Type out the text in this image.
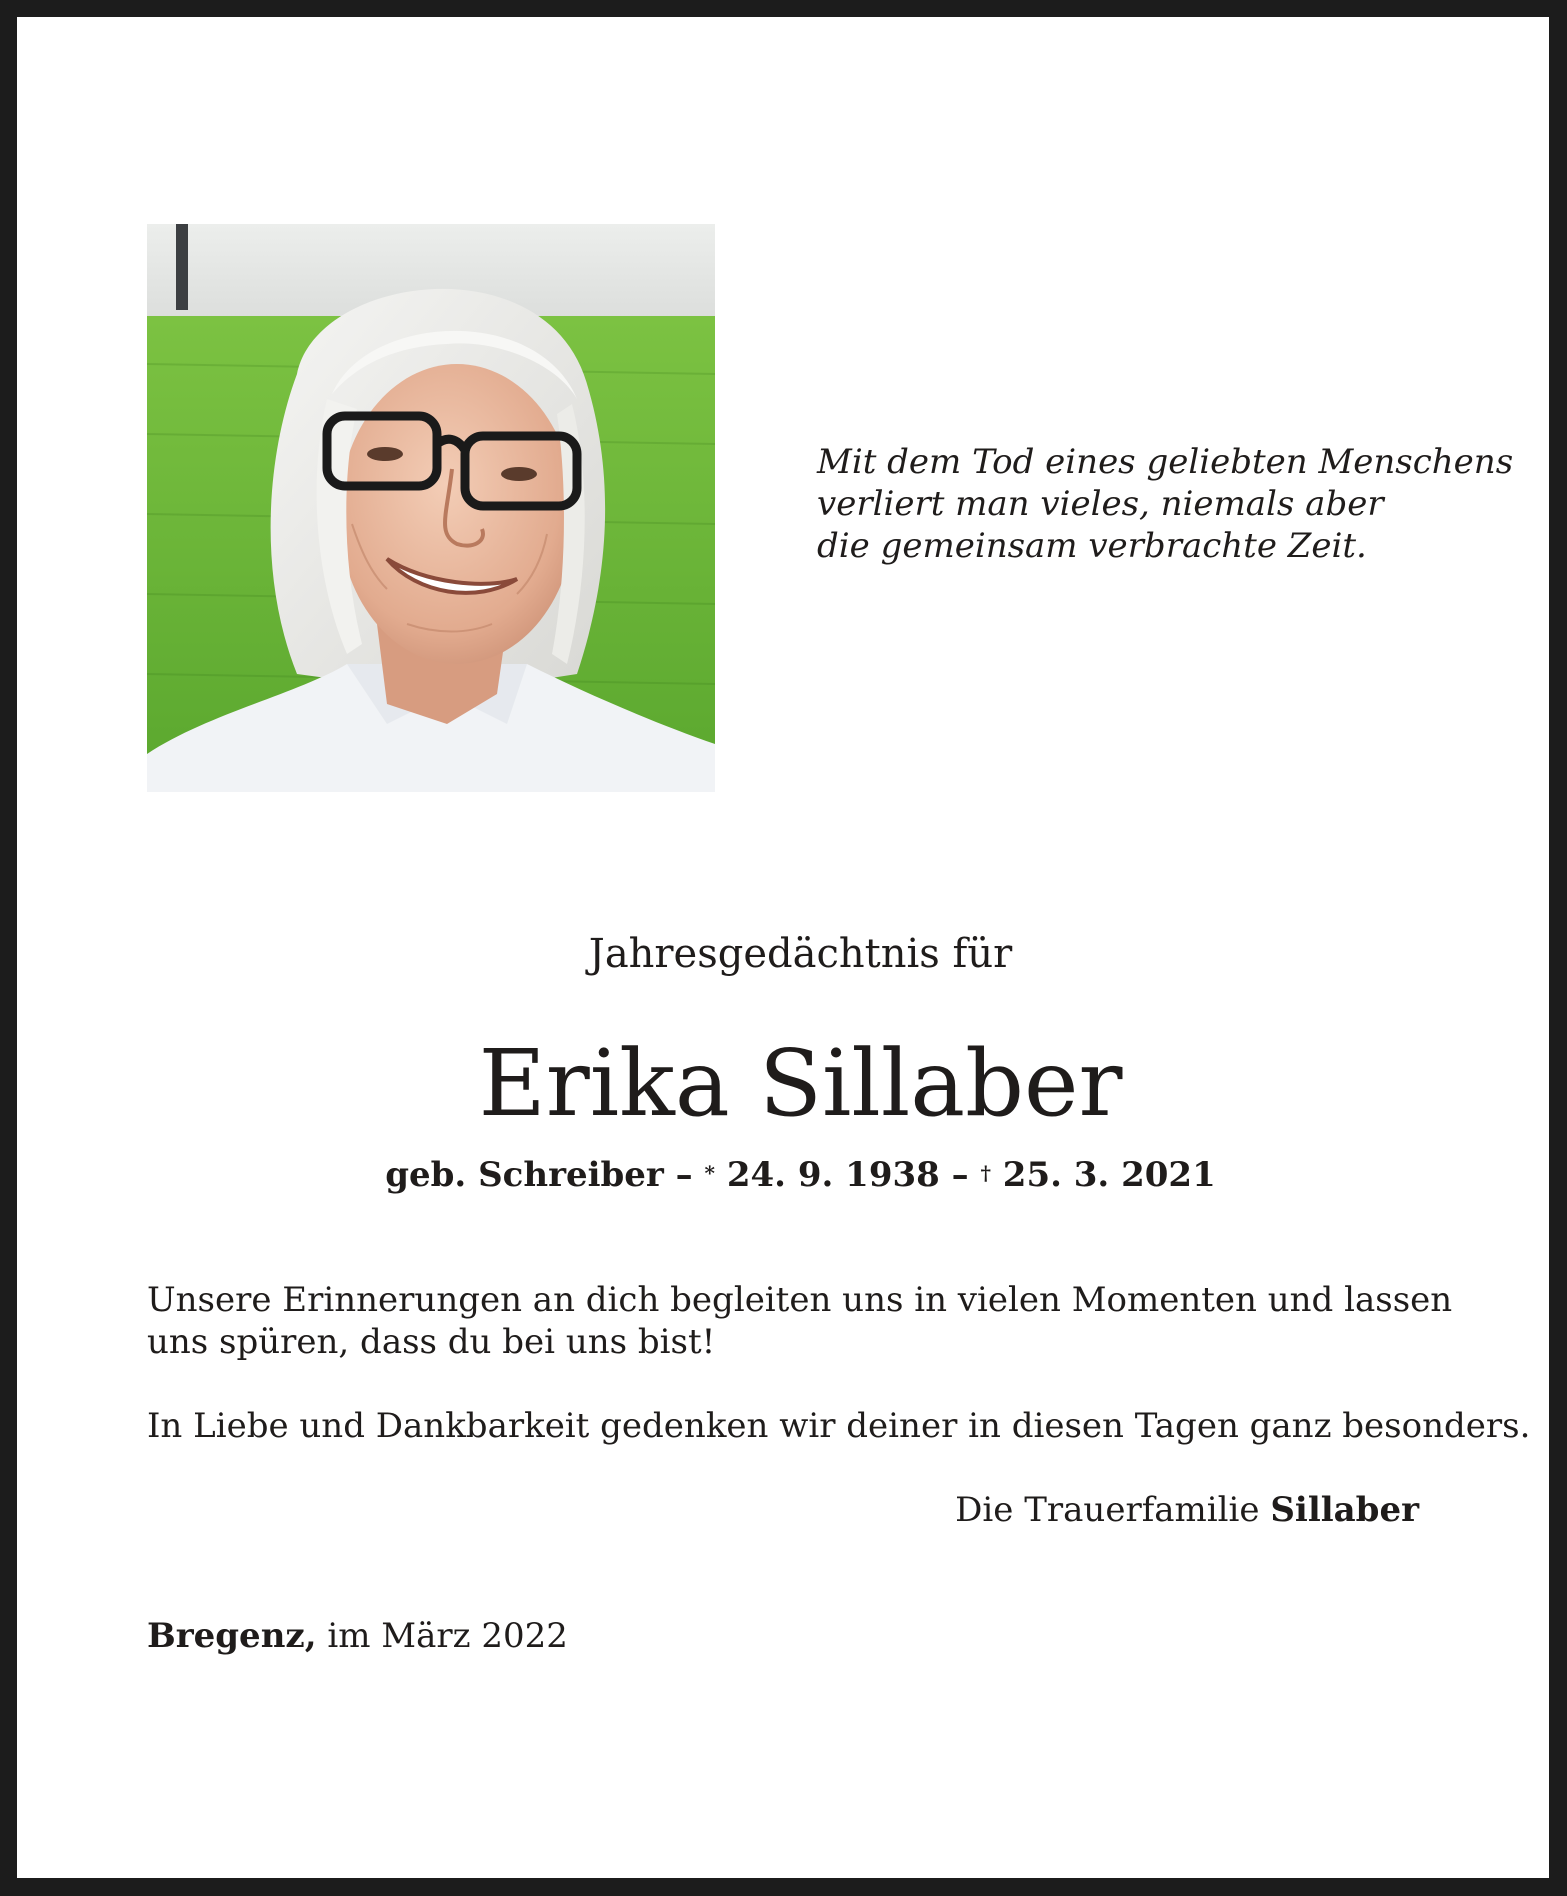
Mit dem Tod eines geliebten Menschens
verliert man vieles, niemals aber
die gemeinsam verbrachte Zeit.
Jahresgedächtnis für
Erika Sillaber
geb. Schreiber – * 24. 9. 1938 – † 25. 3. 2021
Unsere Erinnerungen an dich begleiten uns in vielen Momenten und lassen
uns spüren, dass du bei uns bist!
In Liebe und Dankbarkeit gedenken wir deiner in diesen Tagen ganz besonders.
Die Trauerfamilie Sillaber
Bregenz, im März 2022
